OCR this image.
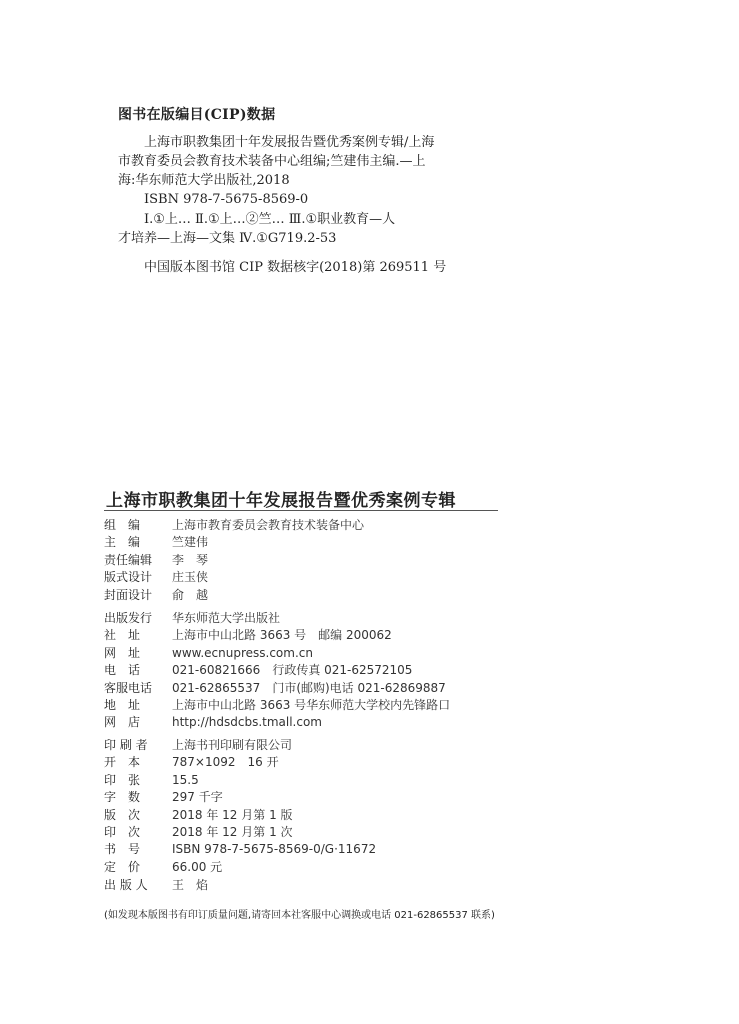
图书在版编目(CIP)数据
上海市职教集团十年发展报告暨优秀案例专辑/上海
市教育委员会教育技术装备中心组编;竺建伟主编.—上
海:华东师范大学出版社,2018
ISBN 978-7-5675-8569-0
Ⅰ.①上… Ⅱ.①上…②竺… Ⅲ.①职业教育—人
才培养—上海—文集 Ⅳ.①G719.2-53
中国版本图书馆 CIP 数据核字(2018)第 269511 号
上海市职教集团十年发展报告暨优秀案例专辑
组　编	上海市教育委员会教育技术装备中心
主　编	竺建伟
责任编辑	李　琴
版式设计	庄玉侠
封面设计	俞　越
出版发行	华东师范大学出版社
社　址	上海市中山北路 3663 号　邮编 200062
网　址	www.ecnupress.com.cn
电　话	021-60821666　行政传真 021-62572105
客服电话	021-62865537　门市(邮购)电话 021-62869887
地　址	上海市中山北路 3663 号华东师范大学校内先锋路口
网　店	http://hdsdcbs.tmall.com
印 刷 者	上海书刊印刷有限公司
开　本	787×1092　16 开
印　张	15.5
字　数	297 千字
版　次	2018 年 12 月第 1 版
印　次	2018 年 12 月第 1 次
书　号	ISBN 978-7-5675-8569-0/G·11672
定　价	66.00 元
出 版 人	王　焰
(如发现本版图书有印订质量问题,请寄回本社客服中心调换或电话 021-62865537 联系)
